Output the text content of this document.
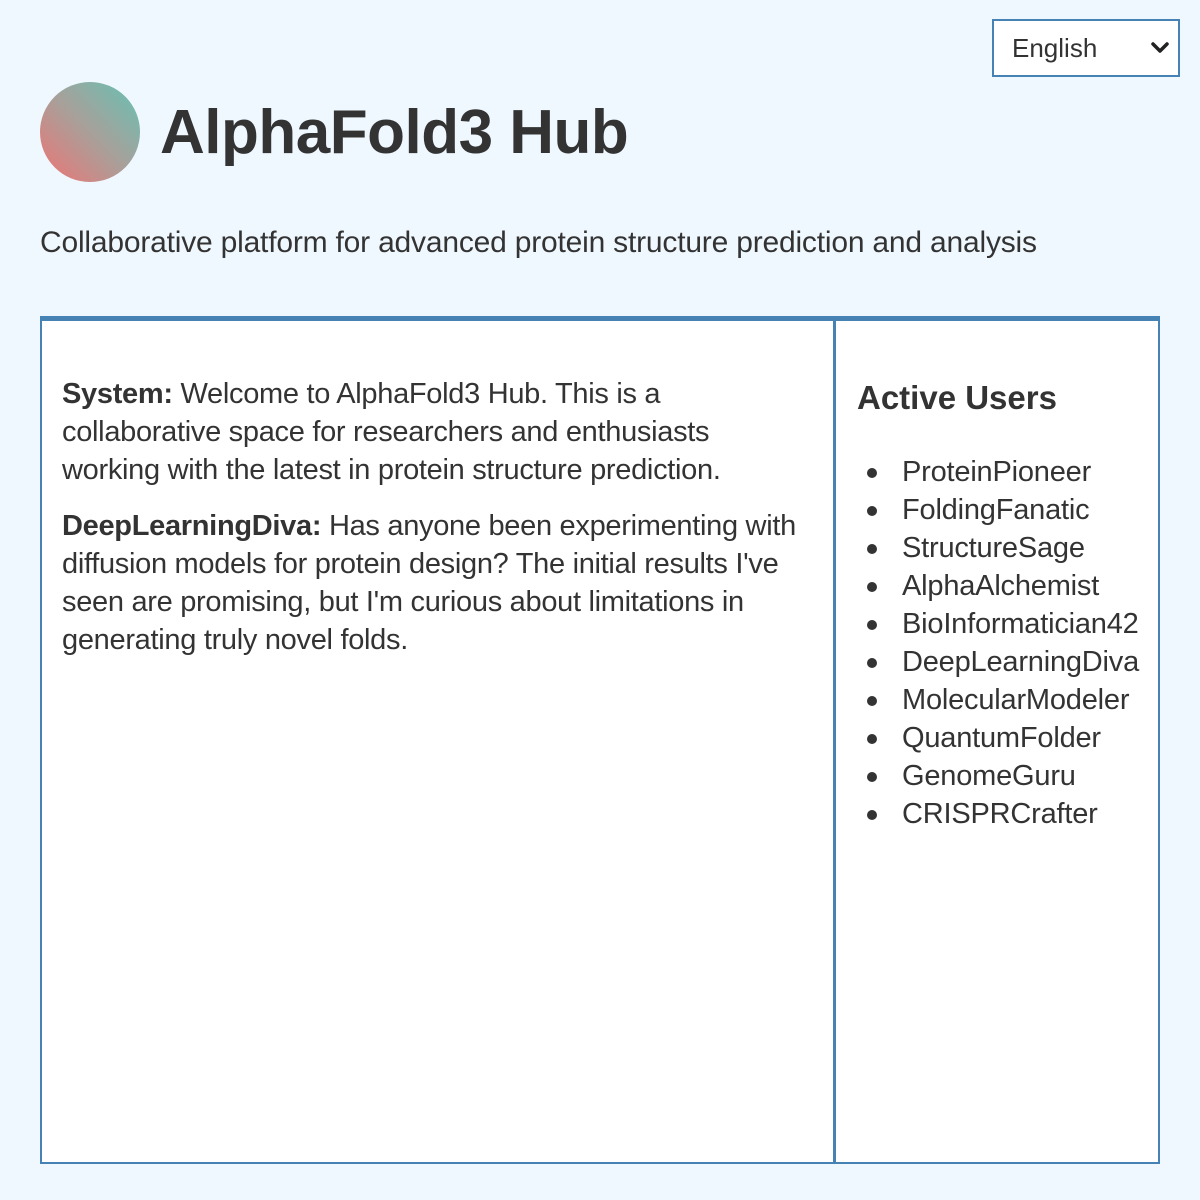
English
AlphaFold3 Hub

Collaborative platform for advanced protein structure prediction and analysis

System: Welcome to AlphaFold3 Hub. This is a collaborative space for researchers and enthusiasts working with the latest in protein structure prediction.

DeepLearningDiva: Has anyone been experimenting with diffusion models for protein design? The initial results I've seen are promising, but I'm curious about limitations in generating truly novel folds.

Active Users
ProteinPioneer
FoldingFanatic
StructureSage
AlphaAlchemist
BioInformatician42
DeepLearningDiva
MolecularModeler
QuantumFolder
GenomeGuru
CRISPRCrafter
